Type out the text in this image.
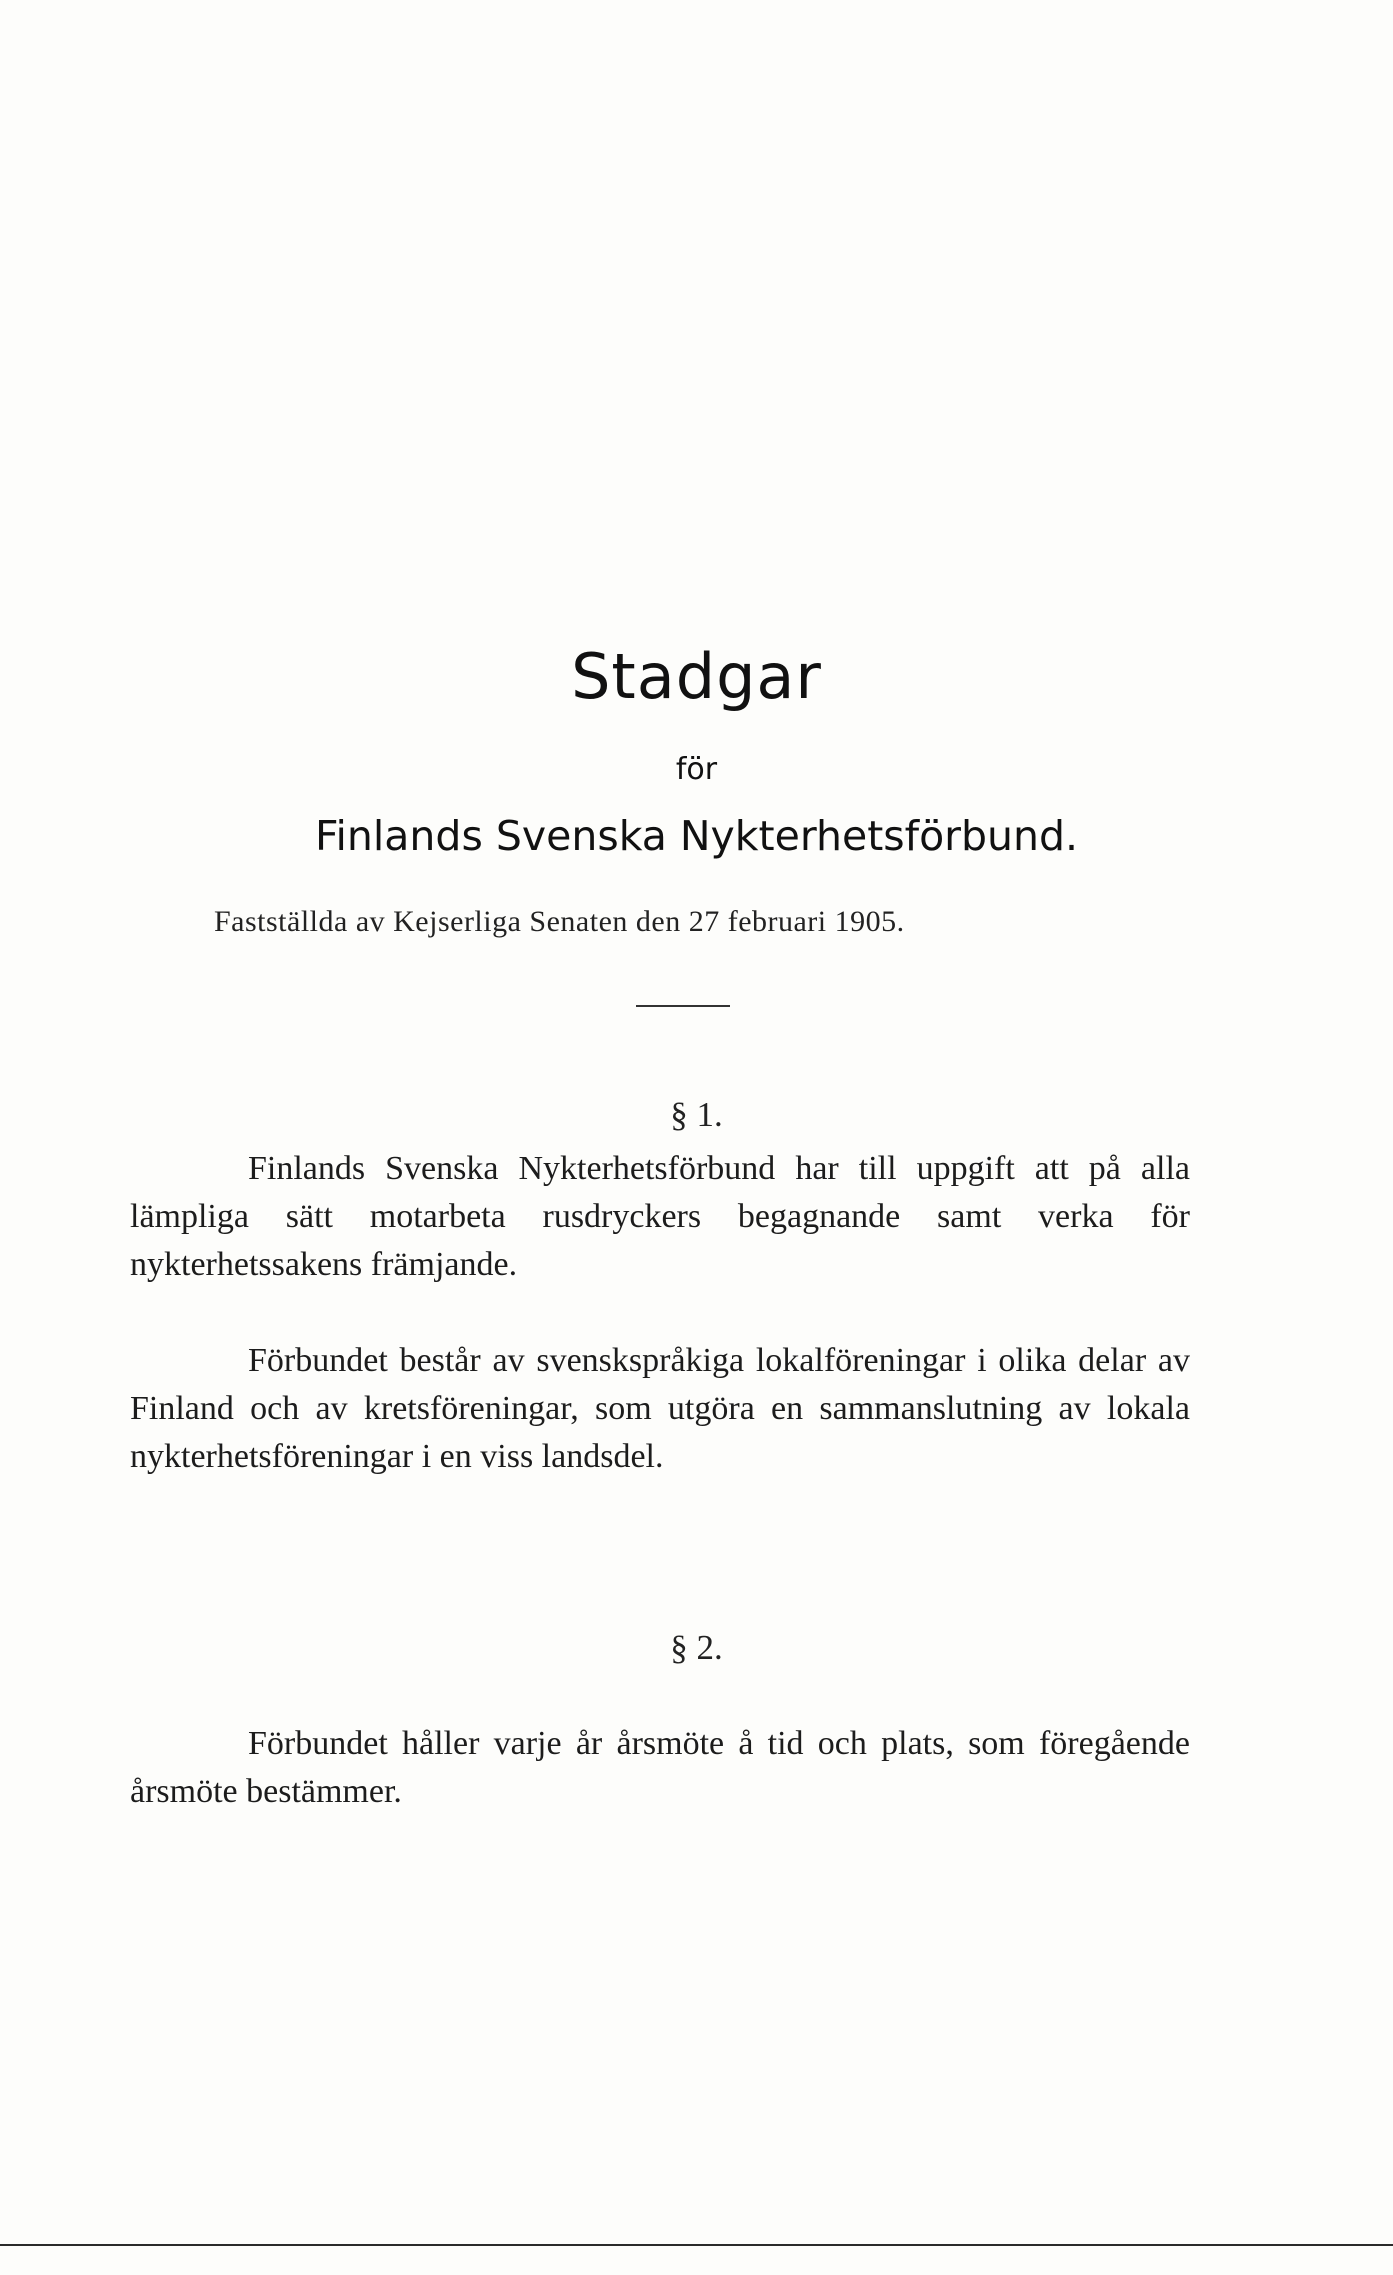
Stadgar
för
Finlands Svenska Nykterhetsförbund.
Fastställda av Kejserliga Senaten den 27 februari 1905.
§ 1.
Finlands Svenska Nykterhetsförbund har till uppgift att på alla lämpliga sätt motarbeta rusdryckers begagnande samt verka för nykterhetssakens främjande.
Förbundet består av svenskspråkiga lokalföreningar i olika delar av Finland och av kretsföreningar, som utgöra en sammanslutning av lokala nykterhetsföreningar i en viss landsdel.
§ 2.
Förbundet håller varje år årsmöte å tid och plats, som föregående årsmöte bestämmer.
